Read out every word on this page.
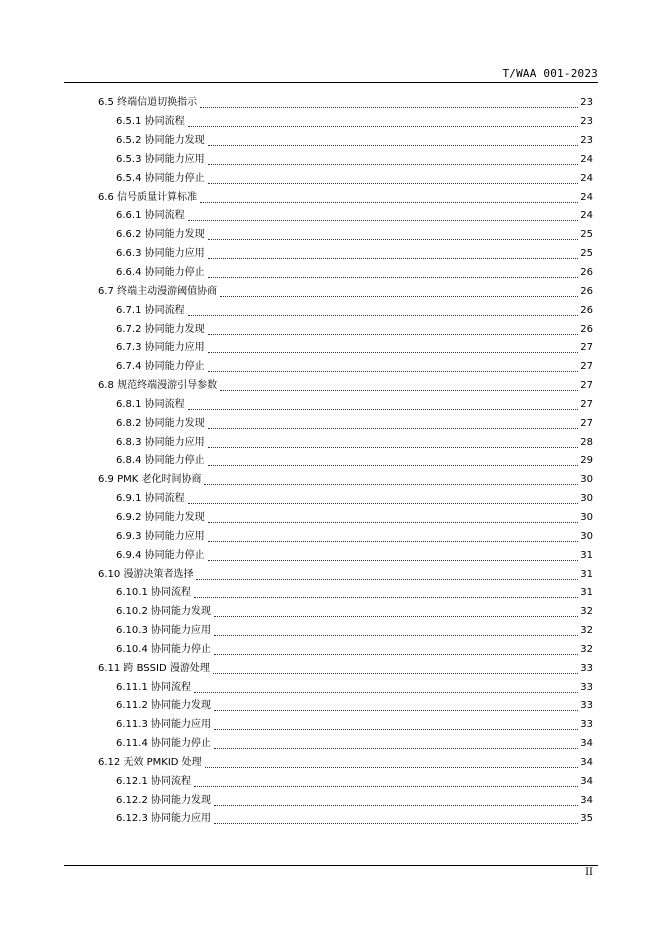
T/WAA 001-2023
6.5 终端信道切换指示	23
6.5.1 协同流程	23
6.5.2 协同能力发现	23
6.5.3 协同能力应用	24
6.5.4 协同能力停止	24
6.6 信号质量计算标准	24
6.6.1 协同流程	24
6.6.2 协同能力发现	25
6.6.3 协同能力应用	25
6.6.4 协同能力停止	26
6.7 终端主动漫游阈值协商	26
6.7.1 协同流程	26
6.7.2 协同能力发现	26
6.7.3 协同能力应用	27
6.7.4 协同能力停止	27
6.8 规范终端漫游引导参数	27
6.8.1 协同流程	27
6.8.2 协同能力发现	27
6.8.3 协同能力应用	28
6.8.4 协同能力停止	29
6.9 PMK 老化时间协商	30
6.9.1 协同流程	30
6.9.2 协同能力发现	30
6.9.3 协同能力应用	30
6.9.4 协同能力停止	31
6.10 漫游决策者选择	31
6.10.1 协同流程	31
6.10.2 协同能力发现	32
6.10.3 协同能力应用	32
6.10.4 协同能力停止	32
6.11 跨 BSSID 漫游处理	33
6.11.1 协同流程	33
6.11.2 协同能力发现	33
6.11.3 协同能力应用	33
6.11.4 协同能力停止	34
6.12 无效 PMKID 处理	34
6.12.1 协同流程	34
6.12.2 协同能力发现	34
6.12.3 协同能力应用	35
II
